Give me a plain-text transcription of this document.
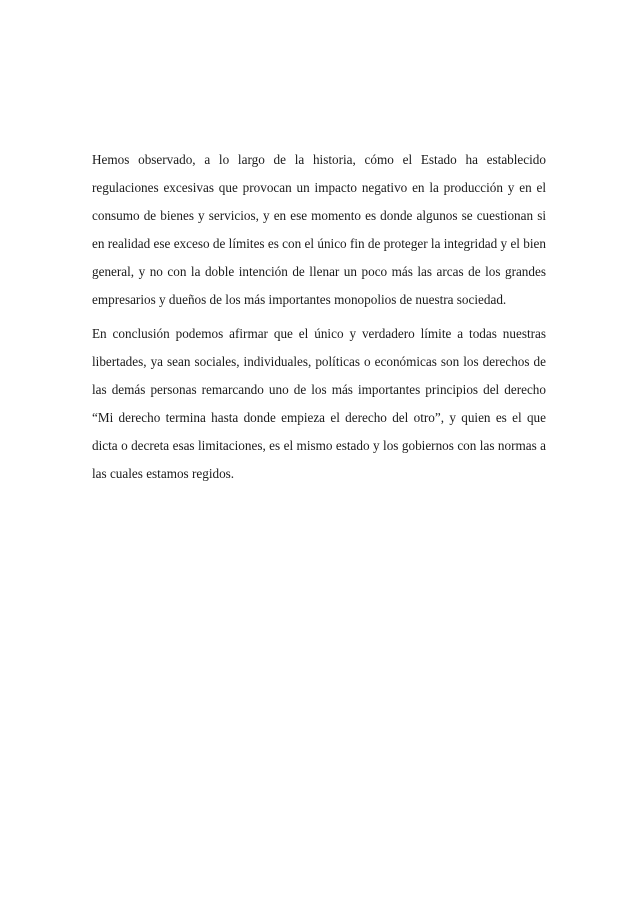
Hemos observado, a lo largo de la historia, cómo el Estado ha establecido regulaciones excesivas que provocan un impacto negativo en la producción y en el consumo de bienes y servicios, y en ese momento es donde algunos se cuestionan si en realidad ese exceso de límites es con el único fin de proteger la integridad y el bien general, y no con la doble intención de llenar un poco más las arcas de los grandes empresarios y dueños de los más importantes monopolios de nuestra sociedad.

En conclusión podemos afirmar que el único y verdadero límite a todas nuestras libertades, ya sean sociales, individuales, políticas o económicas son los derechos de las demás personas remarcando uno de los más importantes principios del derecho “Mi derecho termina hasta donde empieza el derecho del otro”, y quien es el que dicta o decreta esas limitaciones, es el mismo estado y los gobiernos con las normas a las cuales estamos regidos.
